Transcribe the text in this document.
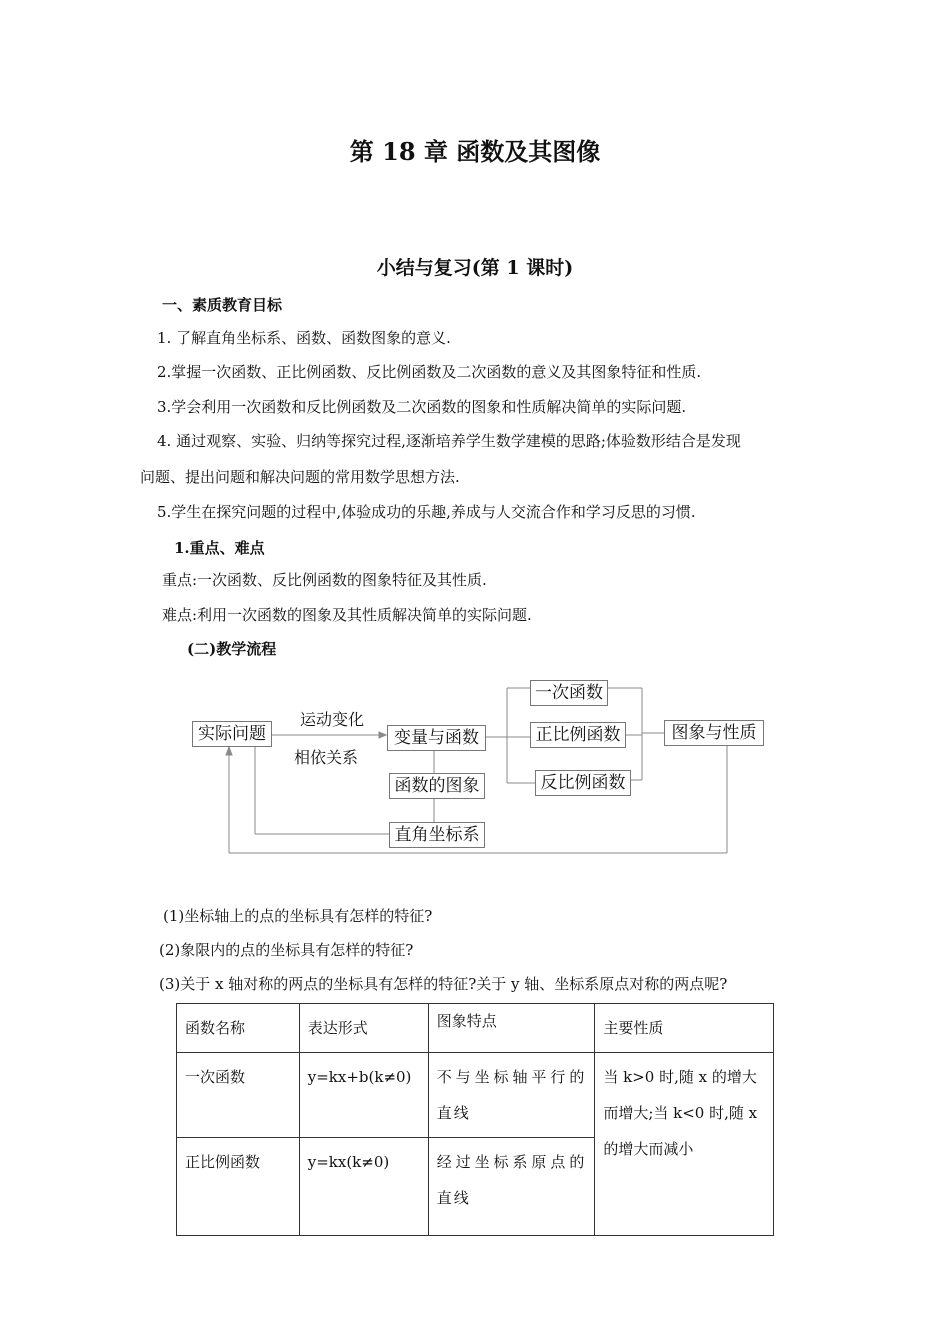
第 18 章 函数及其图像
小结与复习(第 1 课时)
一、素质教育目标
1. 了解直角坐标系、函数、函数图象的意义.
2.掌握一次函数、正比例函数、反比例函数及二次函数的意义及其图象特征和性质.
3.学会利用一次函数和反比例函数及二次函数的图象和性质解决简单的实际问题.
4. 通过观察、实验、归纳等探究过程,逐渐培养学生数学建模的思路;体验数形结合是发现
问题、提出问题和解决问题的常用数学思想方法.
5.学生在探究问题的过程中,体验成功的乐趣,养成与人交流合作和学习反思的习惯.
1.重点、难点
重点:一次函数、反比例函数的图象特征及其性质.
难点:利用一次函数的图象及其性质解决简单的实际问题.
(二)教学流程
实际问题
运动变化
相依关系
变量与函数
函数的图象
直角坐标系
一次函数
正比例函数
反比例函数
图象与性质
(1)坐标轴上的点的坐标具有怎样的特征?
(2)象限内的点的坐标具有怎样的特征?
(3)关于 x 轴对称的两点的坐标具有怎样的特征?关于 y 轴、坐标系原点对称的两点呢?
函数名称	表达形式	图象特点	主要性质
一次函数	y=kx+b(k≠0)	不与坐标轴平行的直线	当 k>0 时,随 x 的增大而增大;当 k<0 时,随 x 的增大而减小
正比例函数	y=kx(k≠0)	经过坐标系原点的直线	
